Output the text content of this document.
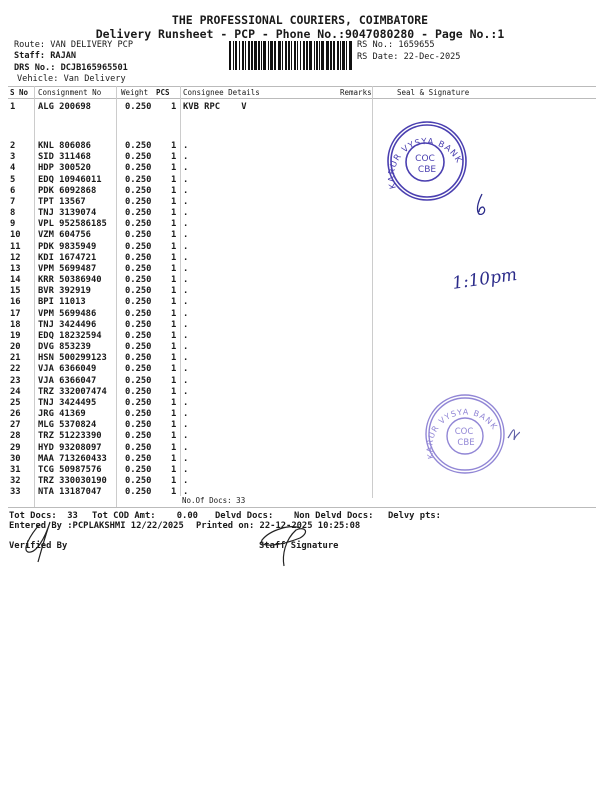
THE PROFESSIONAL COURIERS, COIMBATORE
Delivery Runsheet - PCP - Phone No.:9047080280 - Page No.:1
Route: VAN DELIVERY PCP
Staff: RAJAN
DRS No.: DCJB165965501
Vehicle: Van Delivery
RS No.: 1659655
RS Date: 22-Dec-2025
S No Consignment No	Weight PCS Consignee Details	Remarks	Seal & Signature
1	ALG 200698	0.250 1 KVB RPC    V
2	KNL 806086	0.250 1 .
3	SID 311468	0.250 1 .
4	HDP 300520	0.250 1 .
5	EDQ 10946011	0.250 1 .
6	PDK 6092868	0.250 1 .
7	TPT 13567	0.250 1 .
8	TNJ 3139074	0.250 1 .
9	VPL 952586185 0.250 1 .
10 VZM 604756	0.250 1 .
11 PDK 9835949	0.250 1 .
12 KDI 1674721	0.250 1 .
13 VPM 5699487	0.250 1 .
14 KRR 50386940	0.250 1 .
15 BVR 392919	0.250 1 .
16 BPI 11013	0.250 1 .
17 VPM 5699486	0.250 1 .
18 TNJ 3424496	0.250 1 .
19 EDQ 18232594	0.250 1 .
20 DVG 853239	0.250 1 .
21 HSN 500299123 0.250 1 .
22 VJA 6366049	0.250 1 .
23 VJA 6366047	0.250 1 .
24 TRZ 332007474 0.250 1 .
25 TNJ 3424495	0.250 1 .
26 JRG 41369	0.250 1 .
27 MLG 5370824	0.250 1 .
28 TRZ 51223390	0.250 1 .
29 HYD 93208097	0.250 1 .
30 MAA 713260433 0.250 1 .
31 TCG 50987576	0.250 1 .
32 TRZ 330030190 0.250 1 .
33 NTA 13187047	0.250 1 .
No.Of Docs: 33
Tot Docs:  33 Tot COD Amt:    0.00 Delvd Docs: Non Delvd Docs: Delvy pts:
Entered By :PCPLAKSHMI 12/22/2025 Printed on: 22-12-2025 10:25:08
Verified By	Staff Signature
COC
CBE
KARUR VYSYA BANK
COC
CBE
KARUR VYSYA BANK
1:10pm
